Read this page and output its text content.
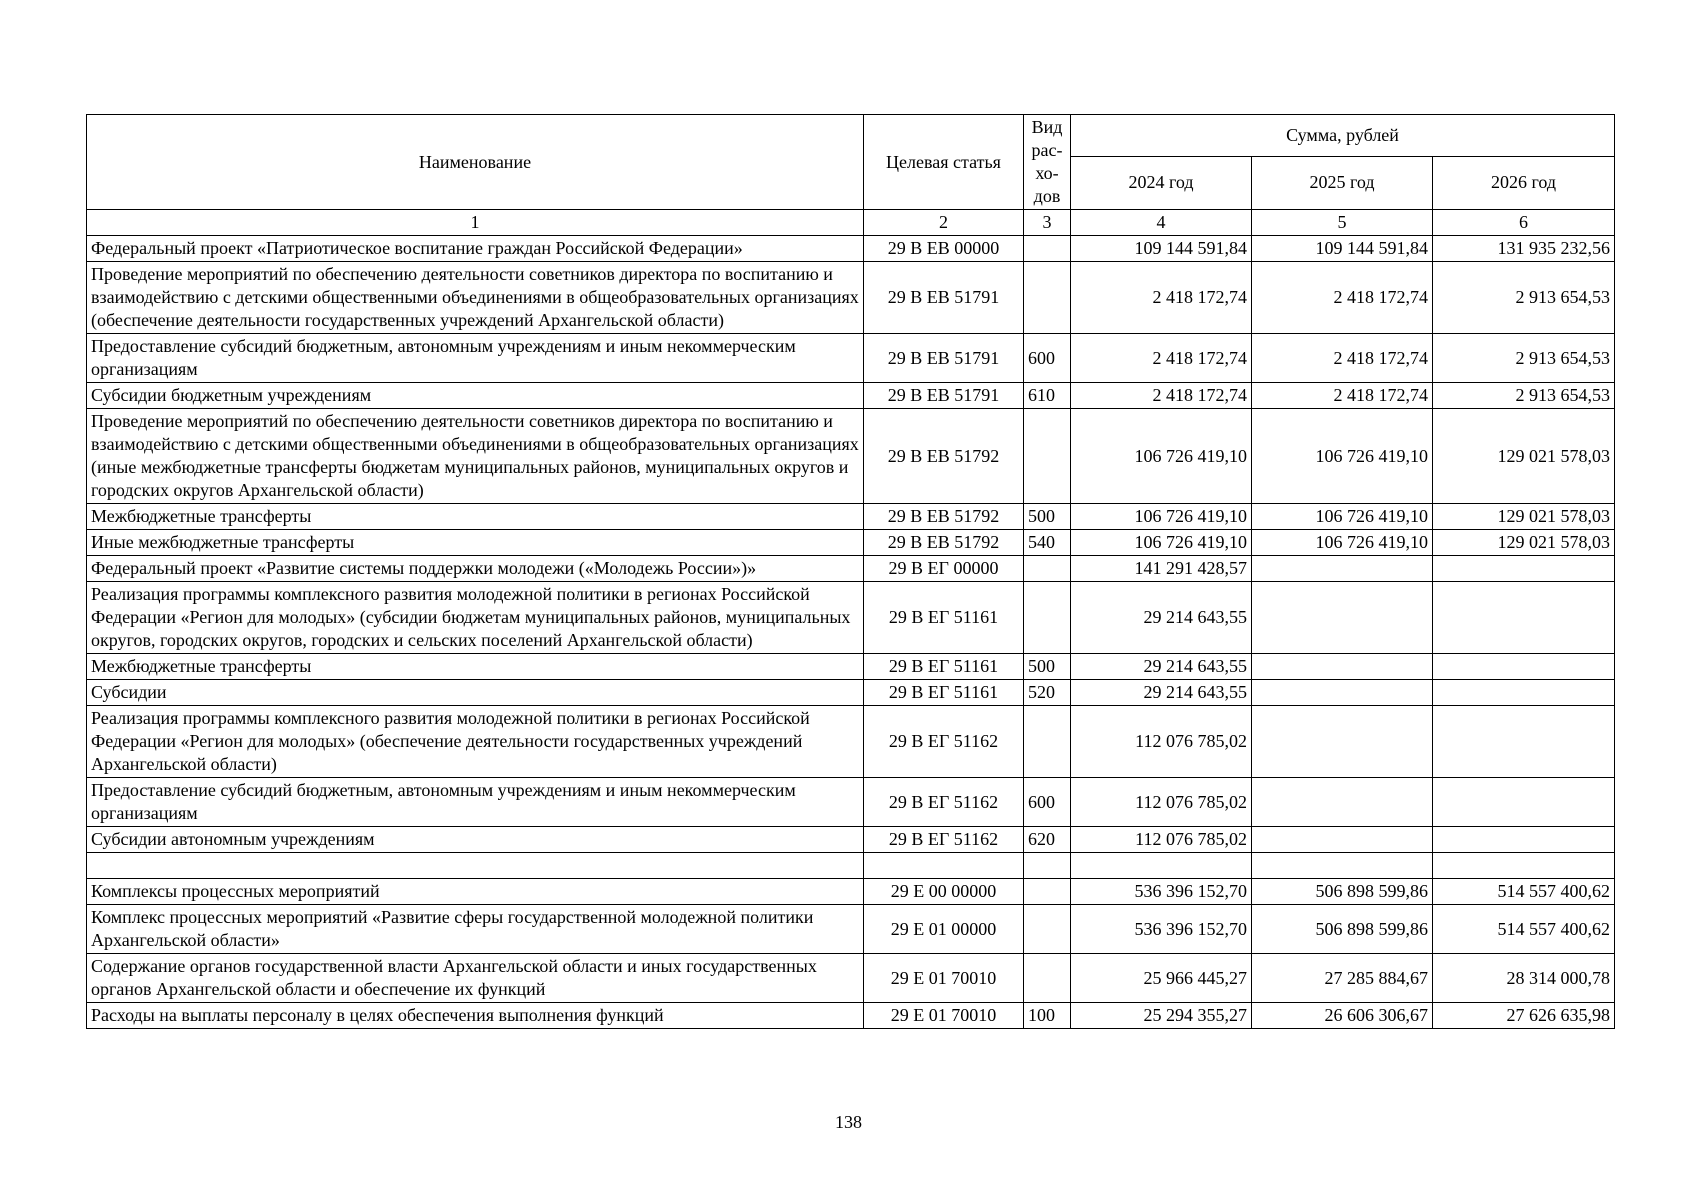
Наименование	Целевая статья	Вид рас-хо-дов	Сумма, рублей		
			2024 год	2025 год	2026 год
1	2	3	4	5	6
Федеральный проект «Патриотическое воспитание граждан Российской Федерации»	29 В ЕВ 00000		109 144 591,84	109 144 591,84	131 935 232,56
Проведение мероприятий по обеспечению деятельности советников директора по воспитанию и взаимодействию с детскими общественными объединениями в общеобразовательных организациях (обеспечение деятельности государственных учреждений Архангельской области)	29 В ЕВ 51791		2 418 172,74	2 418 172,74	2 913 654,53
Предоставление субсидий бюджетным, автономным учреждениям и иным некоммерческим организациям	29 В ЕВ 51791	600	2 418 172,74	2 418 172,74	2 913 654,53
Субсидии бюджетным учреждениям	29 В ЕВ 51791	610	2 418 172,74	2 418 172,74	2 913 654,53
Проведение мероприятий по обеспечению деятельности советников директора по воспитанию и взаимодействию с детскими общественными объединениями в общеобразовательных организациях (иные межбюджетные трансферты бюджетам муниципальных районов, муниципальных округов и городских округов Архангельской области)	29 В ЕВ 51792		106 726 419,10	106 726 419,10	129 021 578,03
Межбюджетные трансферты	29 В ЕВ 51792	500	106 726 419,10	106 726 419,10	129 021 578,03
Иные межбюджетные трансферты	29 В ЕВ 51792	540	106 726 419,10	106 726 419,10	129 021 578,03
Федеральный проект «Развитие системы поддержки молодежи («Молодежь России»)»	29 В ЕГ 00000		141 291 428,57		
Реализация программы комплексного развития молодежной политики в регионах Российской Федерации «Регион для молодых» (субсидии бюджетам муниципальных районов, муниципальных округов, городских округов, городских и сельских поселений Архангельской области)	29 В ЕГ 51161		29 214 643,55		
Межбюджетные трансферты	29 В ЕГ 51161	500	29 214 643,55		
Субсидии	29 В ЕГ 51161	520	29 214 643,55		
Реализация программы комплексного развития молодежной политики в регионах Российской Федерации «Регион для молодых» (обеспечение деятельности государственных учреждений Архангельской области)	29 В ЕГ 51162		112 076 785,02		
Предоставление субсидий бюджетным, автономным учреждениям и иным некоммерческим организациям	29 В ЕГ 51162	600	112 076 785,02		
Субсидии автономным учреждениям	29 В ЕГ 51162	620	112 076 785,02		

Комплексы процессных мероприятий	29 Е 00 00000		536 396 152,70	506 898 599,86	514 557 400,62
Комплекс процессных мероприятий «Развитие сферы государственной молодежной политики Архангельской области»	29 Е 01 00000		536 396 152,70	506 898 599,86	514 557 400,62
Содержание органов государственной власти Архангельской области и иных государственных органов Архангельской области и обеспечение их функций	29 Е 01 70010		25 966 445,27	27 285 884,67	28 314 000,78
Расходы на выплаты персоналу в целях обеспечения выполнения функций	29 Е 01 70010	100	25 294 355,27	26 606 306,67	27 626 635,98
138
